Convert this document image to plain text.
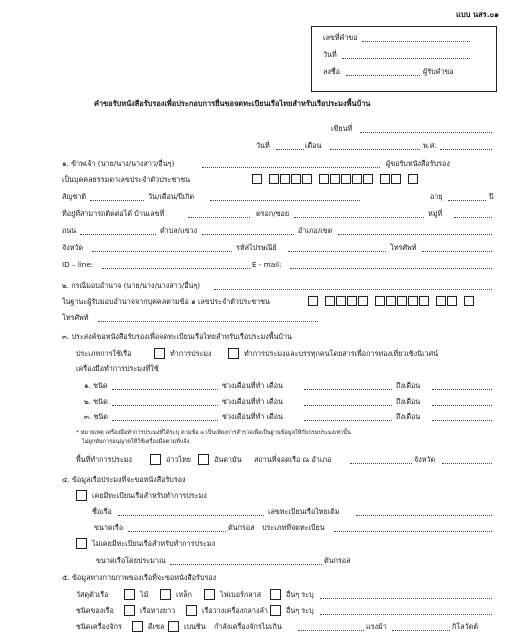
แบบ นสร.๐๑
เลขที่คำขอ
วันที่
ลงชื่อ	ผู้รับคำขอ
คำขอรับหนังสือรับรองเพื่อประกอบการยื่นขอจดทะเบียนเรือไทยสำหรับเรือประมงพื้นบ้าน
เขียนที่
วันที่	เดือน	พ.ศ.
๑. ข้าพเจ้า (นาย/นาง/นางสาว/อื่นๆ)	ผู้ขอรับหนังสือรับรอง
เป็นบุคคลธรรมดาเลขประจำตัวประชาชน
สัญชาติ	วัน/เดือน/ปีเกิด	อายุ	ปี
ที่อยู่ที่สามารถติดต่อได้ บ้านเลขที่	ตรอก/ซอย	หมู่ที่
ถนน	ตำบล/แขวง	อำเภอ/เขต
จังหวัด	รหัสไปรษณีย์	โทรศัพท์
ID – line:	E - mail:
๒. กรณีมอบอำนาจ (นาย/นาง/นางสาว/อื่นๆ)
ในฐานะผู้รับมอบอำนาจจากบุคคลตามข้อ ๑ เลขประจำตัวประชาชน
โทรศัพท์
๓. ประสงค์ขอหนังสือรับรองเพื่อจดทะเบียนเรือไทยสำหรับเรือประมงพื้นบ้าน
ประเภทการใช้เรือ	ทำการประมง	ทำการประมงและบรรทุกคนโดยสารเพื่อการท่องเที่ยวเชิงนิเวศน์
เครื่องมือทำการประมงที่ใช้
๑. ชนิด	ช่วงเดือนที่ทำ เดือน	ถึงเดือน
๒. ชนิด	ช่วงเดือนที่ทำ เดือน	ถึงเดือน
๓. ชนิด	ช่วงเดือนที่ทำ เดือน	ถึงเดือน
* หมายเหตุ เครื่องมือทำการประมงที่ได้ระบุ ตามข้อ ๓ เป็นเพียงการสำรวจเพื่อเป็นฐานข้อมูลให้กับกรมประมงเท่านั้น
ไม่ผูกพันการอนุญาตให้ใช้เครื่องมือตามที่แจ้ง
พื้นที่ทำการประมง	อ่าวไทย	อันดามัน สถานที่จอดเรือ ณ อำเภอ	จังหวัด
๔. ข้อมูลเรือประมงที่จะขอหนังสือรับรอง
เคยมีทะเบียนเรือสำหรับทำการประมง
ชื่อเรือ	เลขทะเบียนเรือไทยเดิม
ขนาดเรือ	ตันกรอส ประเภทที่จดทะเบียน
ไม่เคยมีทะเบียนเรือสำหรับทำการประมง
ขนาดเรือโดยประมาณ	ตันกรอส
๕. ข้อมูลทางกายภาพของเรือที่จะขอหนังสือรับรอง
วัสดุตัวเรือ	ไม้	เหล็ก	ไฟเบอร์กลาส	อื่นๆ ระบุ
ชนิดของเรือ	เรือหางยาว	เรือวางเครื่องกลางลำ	อื่นๆ ระบุ
ชนิดเครื่องจักร	ดีเซล	เบนซิน กำลังเครื่องจักรไม่เกิน	แรงม้า	กิโลวัตต์
